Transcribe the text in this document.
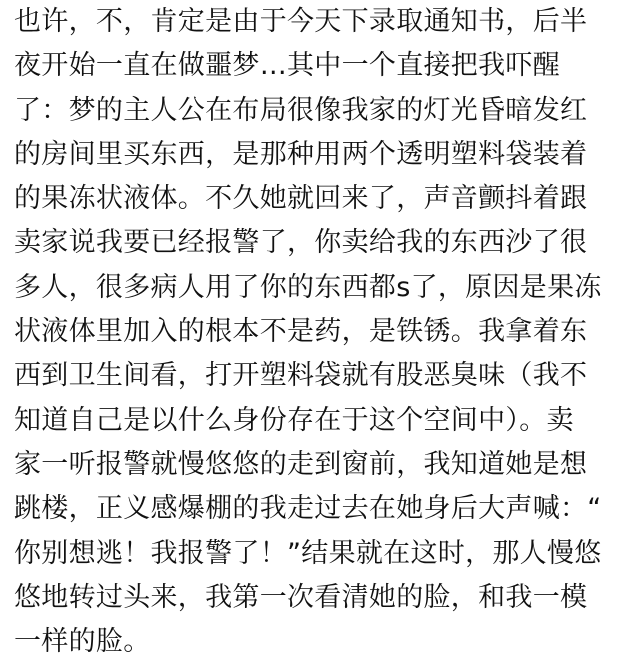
也许，不，肯定是由于今天下录取通知书，后半
夜开始一直在做噩梦…其中一个直接把我吓醒
了：梦的主人公在布局很像我家的灯光昏暗发红
的房间里买东西，是那种用两个透明塑料袋装着
的果冻状液体。不久她就回来了，声音颤抖着跟
卖家说我要已经报警了，你卖给我的东西沙了很
多人，很多病人用了你的东西都s了，原因是果冻
状液体里加入的根本不是药，是铁锈。我拿着东
西到卫生间看，打开塑料袋就有股恶臭味（我不
知道自己是以什么身份存在于这个空间中）。卖
家一听报警就慢悠悠的走到窗前，我知道她是想
跳楼，正义感爆棚的我走过去在她身后大声喊：“
你别想逃！我报警了！”结果就在这时，那人慢悠
悠地转过头来，我第一次看清她的脸，和我一模
一样的脸。
